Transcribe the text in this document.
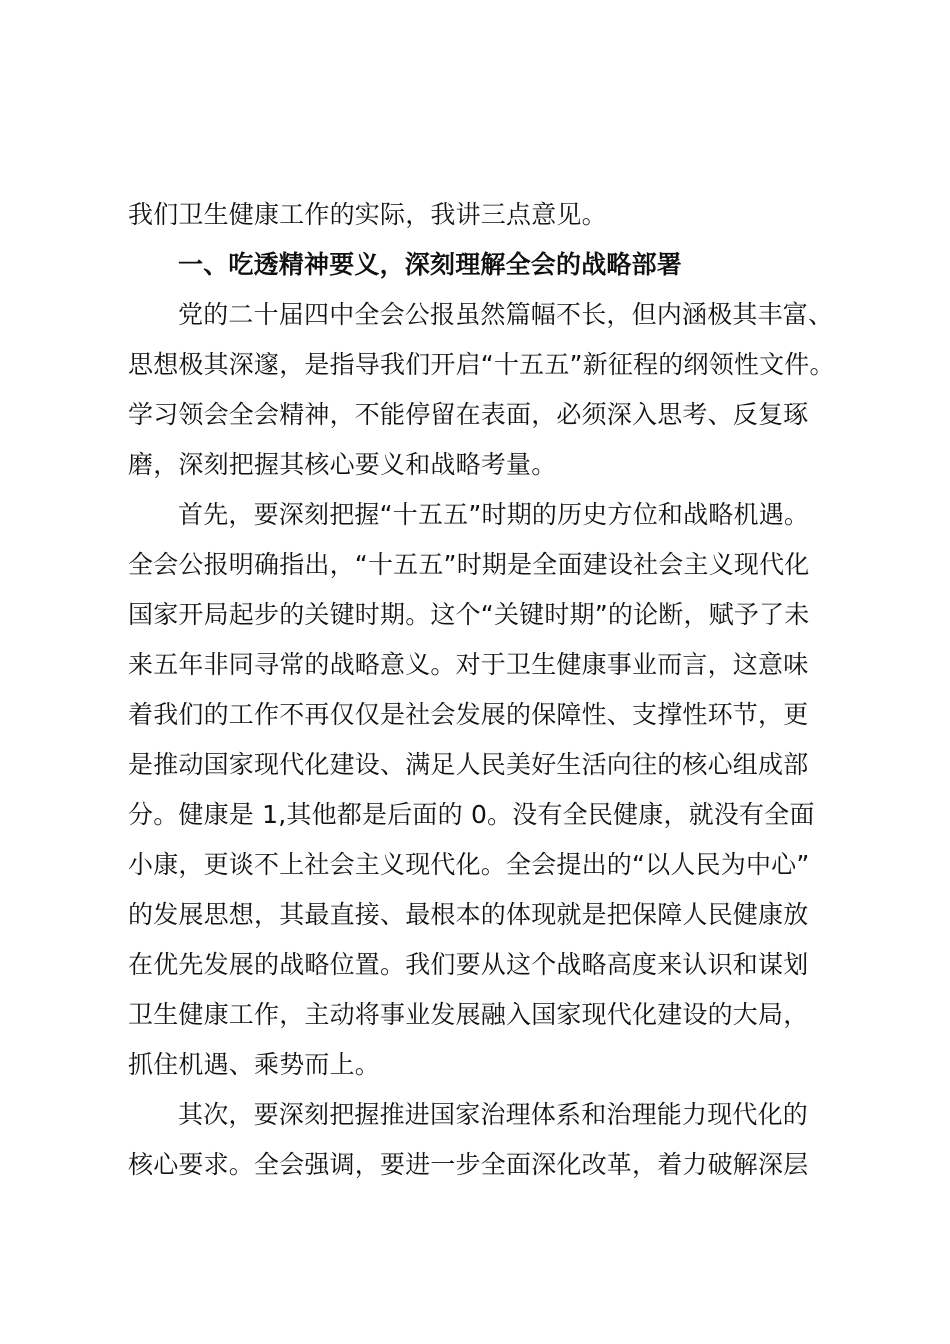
我们卫生健康工作的实际，我讲三点意见。
一、吃透精神要义，深刻理解全会的战略部署
党的二十届四中全会公报虽然篇幅不长，但内涵极其丰富、
思想极其深邃，是指导我们开启“十五五”新征程的纲领性文件。
学习领会全会精神，不能停留在表面，必须深入思考、反复琢
磨，深刻把握其核心要义和战略考量。
首先，要深刻把握“十五五”时期的历史方位和战略机遇。
全会公报明确指出，“十五五”时期是全面建设社会主义现代化
国家开局起步的关键时期。这个“关键时期”的论断，赋予了未
来五年非同寻常的战略意义。对于卫生健康事业而言，这意味
着我们的工作不再仅仅是社会发展的保障性、支撑性环节，更
是推动国家现代化建设、满足人民美好生活向往的核心组成部
分。健康是 1,其他都是后面的 0。没有全民健康，就没有全面
小康，更谈不上社会主义现代化。全会提出的“以人民为中心”
的发展思想，其最直接、最根本的体现就是把保障人民健康放
在优先发展的战略位置。我们要从这个战略高度来认识和谋划
卫生健康工作，主动将事业发展融入国家现代化建设的大局，
抓住机遇、乘势而上。
其次，要深刻把握推进国家治理体系和治理能力现代化的
核心要求。全会强调，要进一步全面深化改革，着力破解深层
